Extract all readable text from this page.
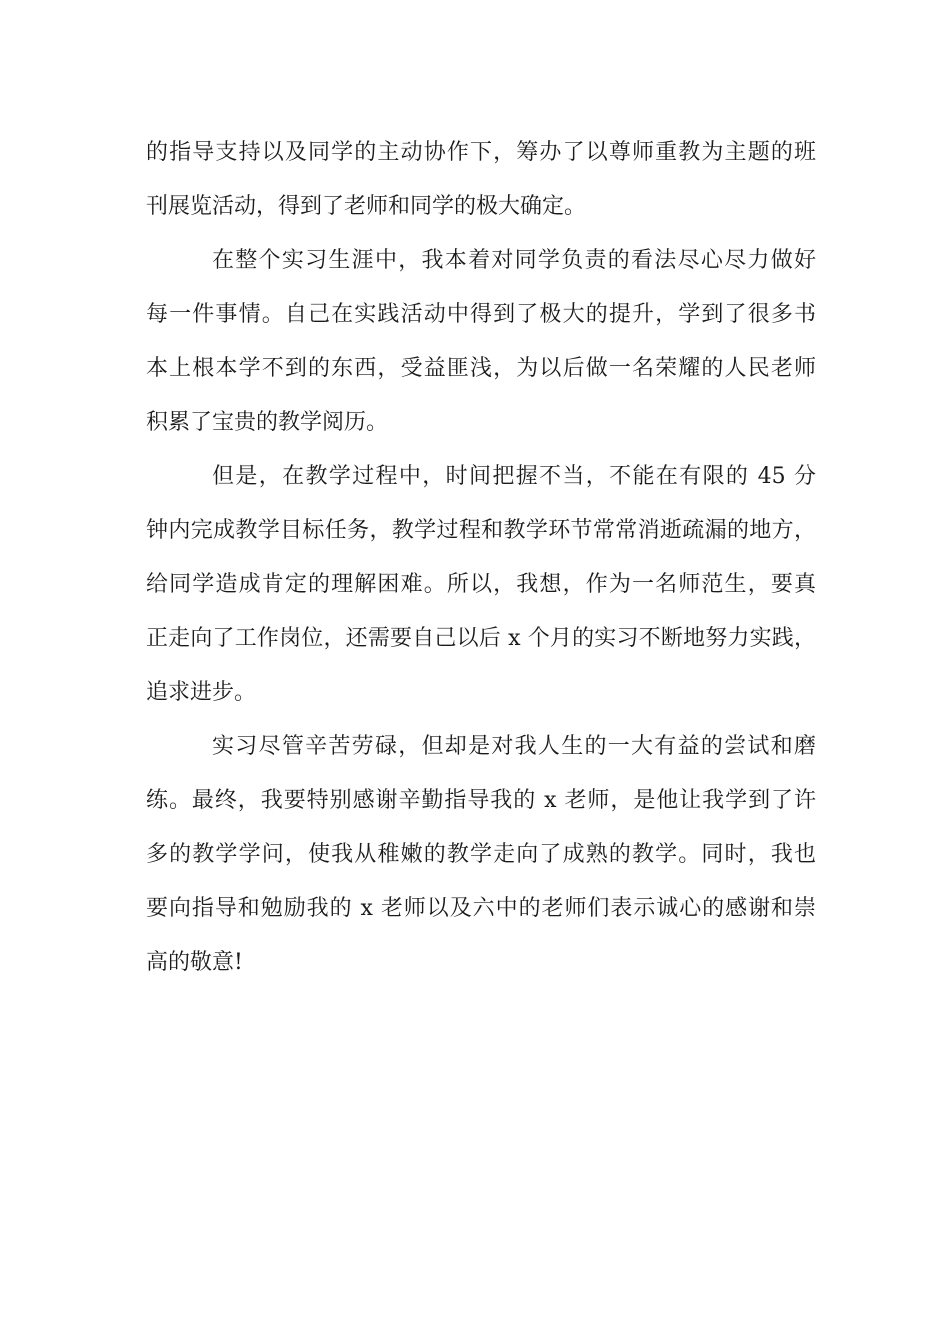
的指导支持以及同学的主动协作下，筹办了以尊师重教为主题的班
刊展览活动，得到了老师和同学的极大确定。
在整个实习生涯中，我本着对同学负责的看法尽心尽力做好
每一件事情。自己在实践活动中得到了极大的提升，学到了很多书
本上根本学不到的东西，受益匪浅，为以后做一名荣耀的人民老师
积累了宝贵的教学阅历。
但是，在教学过程中，时间把握不当，不能在有限的 45 分
钟内完成教学目标任务，教学过程和教学环节常常消逝疏漏的地方，
给同学造成肯定的理解困难。所以，我想，作为一名师范生，要真
正走向了工作岗位，还需要自己以后 x 个月的实习不断地努力实践，
追求进步。
实习尽管辛苦劳碌，但却是对我人生的一大有益的尝试和磨
练。最终，我要特别感谢辛勤指导我的 x 老师，是他让我学到了许
多的教学学问，使我从稚嫩的教学走向了成熟的教学。同时，我也
要向指导和勉励我的 x 老师以及六中的老师们表示诚心的感谢和崇
高的敬意!
